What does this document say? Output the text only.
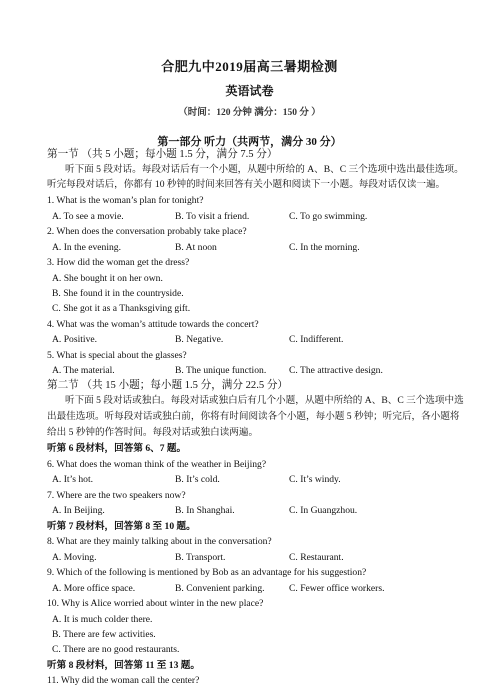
合肥九中2019届高三暑期检测
英语试卷
（时间：120 分钟 满分：150 分 ）
第一部分 听力（共两节，满分 30 分）
第一节 （共 5 小题；每小题 1.5 分，满分 7.5 分）
听下面 5 段对话。每段对话后有一个小题，从题中所给的 A、B、C 三个选项中选出最佳选项。
听完每段对话后，你都有 10 秒钟的时间来回答有关小题和阅读下一小题。每段对话仅读一遍。
1. What is the woman’s plan for tonight?
A. To see a movie.	B. To visit a friend.	C. To go swimming.
2. When does the conversation probably take place?
A. In the evening.	B. At noon	C. In the morning.
3. How did the woman get the dress?
A. She bought it on her own.
B. She found it in the countryside.
C. She got it as a Thanksgiving gift.
4. What was the woman’s attitude towards the concert?
A. Positive.	B. Negative.	C. Indifferent.
5. What is special about the glasses?
A. The material.	B. The unique function. C. The attractive design.
第二节 （共 15 小题；每小题 1.5 分，满分 22.5 分）
听下面 5 段对话或独白。每段对话或独白后有几个小题，从题中所给的 A、B、C 三个选项中选
出最佳选项。听每段对话或独白前，你将有时间阅读各个小题，每小题 5 秒钟；听完后，各小题将
给出 5 秒钟的作答时间。每段对话或独白读两遍。
听第 6 段材料，回答第 6、7 题。
6. What does the woman think of the weather in Beijing?
A. It’s hot.	B. It’s cold.	C. It’s windy.
7. Where are the two speakers now?
A. In Beijing.	B. In Shanghai.	C. In Guangzhou.
听第 7 段材料，回答第 8 至 10 题。
8. What are they mainly talking about in the conversation?
A. Moving.	B. Transport.	C. Restaurant.
9. Which of the following is mentioned by Bob as an advantage for his suggestion?
A. More office space.	B. Convenient parking.	C. Fewer office workers.
10. Why is Alice worried about winter in the new place?
A. It is much colder there.
B. There are few activities.
C. There are no good restaurants.
听第 8 段材料，回答第 11 至 13 题。
11. Why did the woman call the center?
